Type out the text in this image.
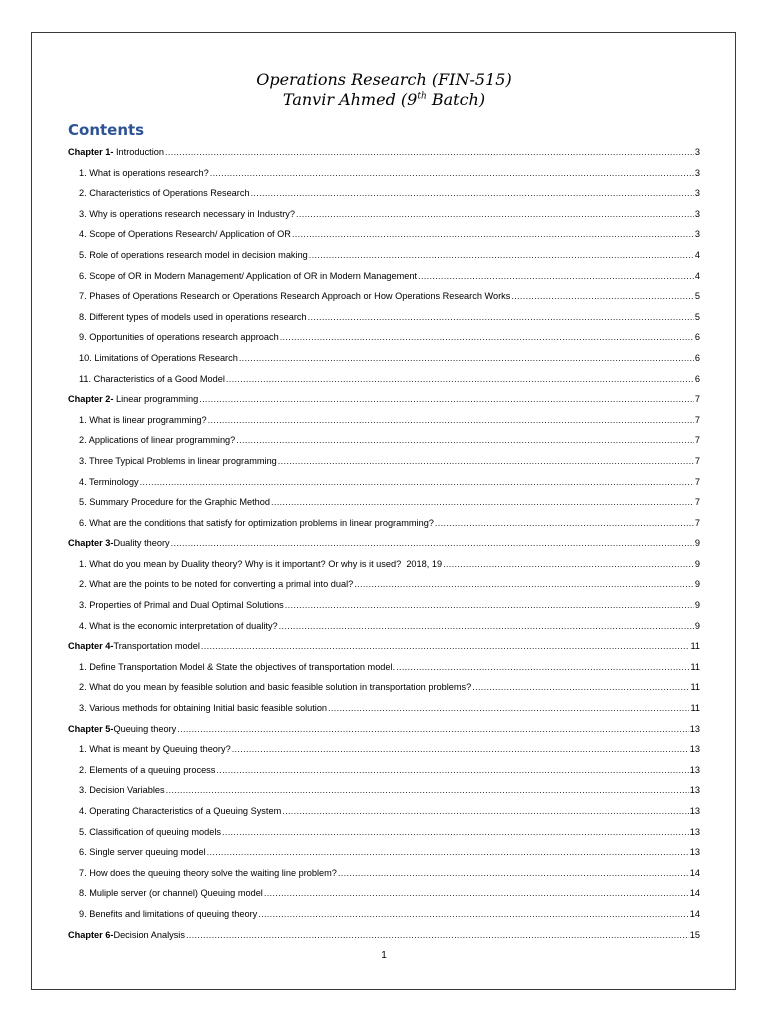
Operations Research (FIN-515)
Tanvir Ahmed (9th Batch)
Contents
Chapter 1- Introduction .....	3
1. What is operations research? .....	3
2. Characteristics of Operations Research .....	3
3. Why is operations research necessary in Industry? .....	3
4. Scope of Operations Research/ Application of OR .....	3
5. Role of operations research model in decision making .....	4
6. Scope of OR in Modern Management/ Application of OR in Modern Management .....	4
7. Phases of Operations Research or Operations Research Approach or How Operations Research Works .....	5
8. Different types of models used in operations research .....	5
9. Opportunities of operations research approach .....	6
10. Limitations of Operations Research .....	6
11. Characteristics of a Good Model .....	6
Chapter 2- Linear programming .....	7
1. What is linear programming? .....	7
2. Applications of linear programming? .....	7
3. Three Typical Problems in linear programming .....	7
4. Terminology .....	7
5. Summary Procedure for the Graphic Method .....	7
6. What are the conditions that satisfy for optimization problems in linear programming? .....	7
Chapter 3- Duality theory .....	9
1. What do you mean by Duality theory? Why is it important? Or why is it used?  2018, 19 .....	9
2. What are the points to be noted for converting a primal into dual? .....	9
3. Properties of Primal and Dual Optimal Solutions .....	9
4. What is the economic interpretation of duality? .....	9
Chapter 4- Transportation model .....	11
1. Define Transportation Model & State the objectives of transportation model. .....	11
2. What do you mean by feasible solution and basic feasible solution in transportation problems? .....	11
3. Various methods for obtaining Initial basic feasible solution .....	11
Chapter 5- Queuing theory .....	13
1. What is meant by Queuing theory? .....	13
2. Elements of a queuing process .....	13
3. Decision Variables .....	13
4. Operating Characteristics of a Queuing System .....	13
5. Classification of queuing models .....	13
6. Single server queuing model .....	13
7. How does the queuing theory solve the waiting line problem? .....	14
8. Muliple server (or channel) Queuing model .....	14
9. Benefits and limitations of queuing theory .....	14
Chapter 6- Decision Analysis .....	15
1
